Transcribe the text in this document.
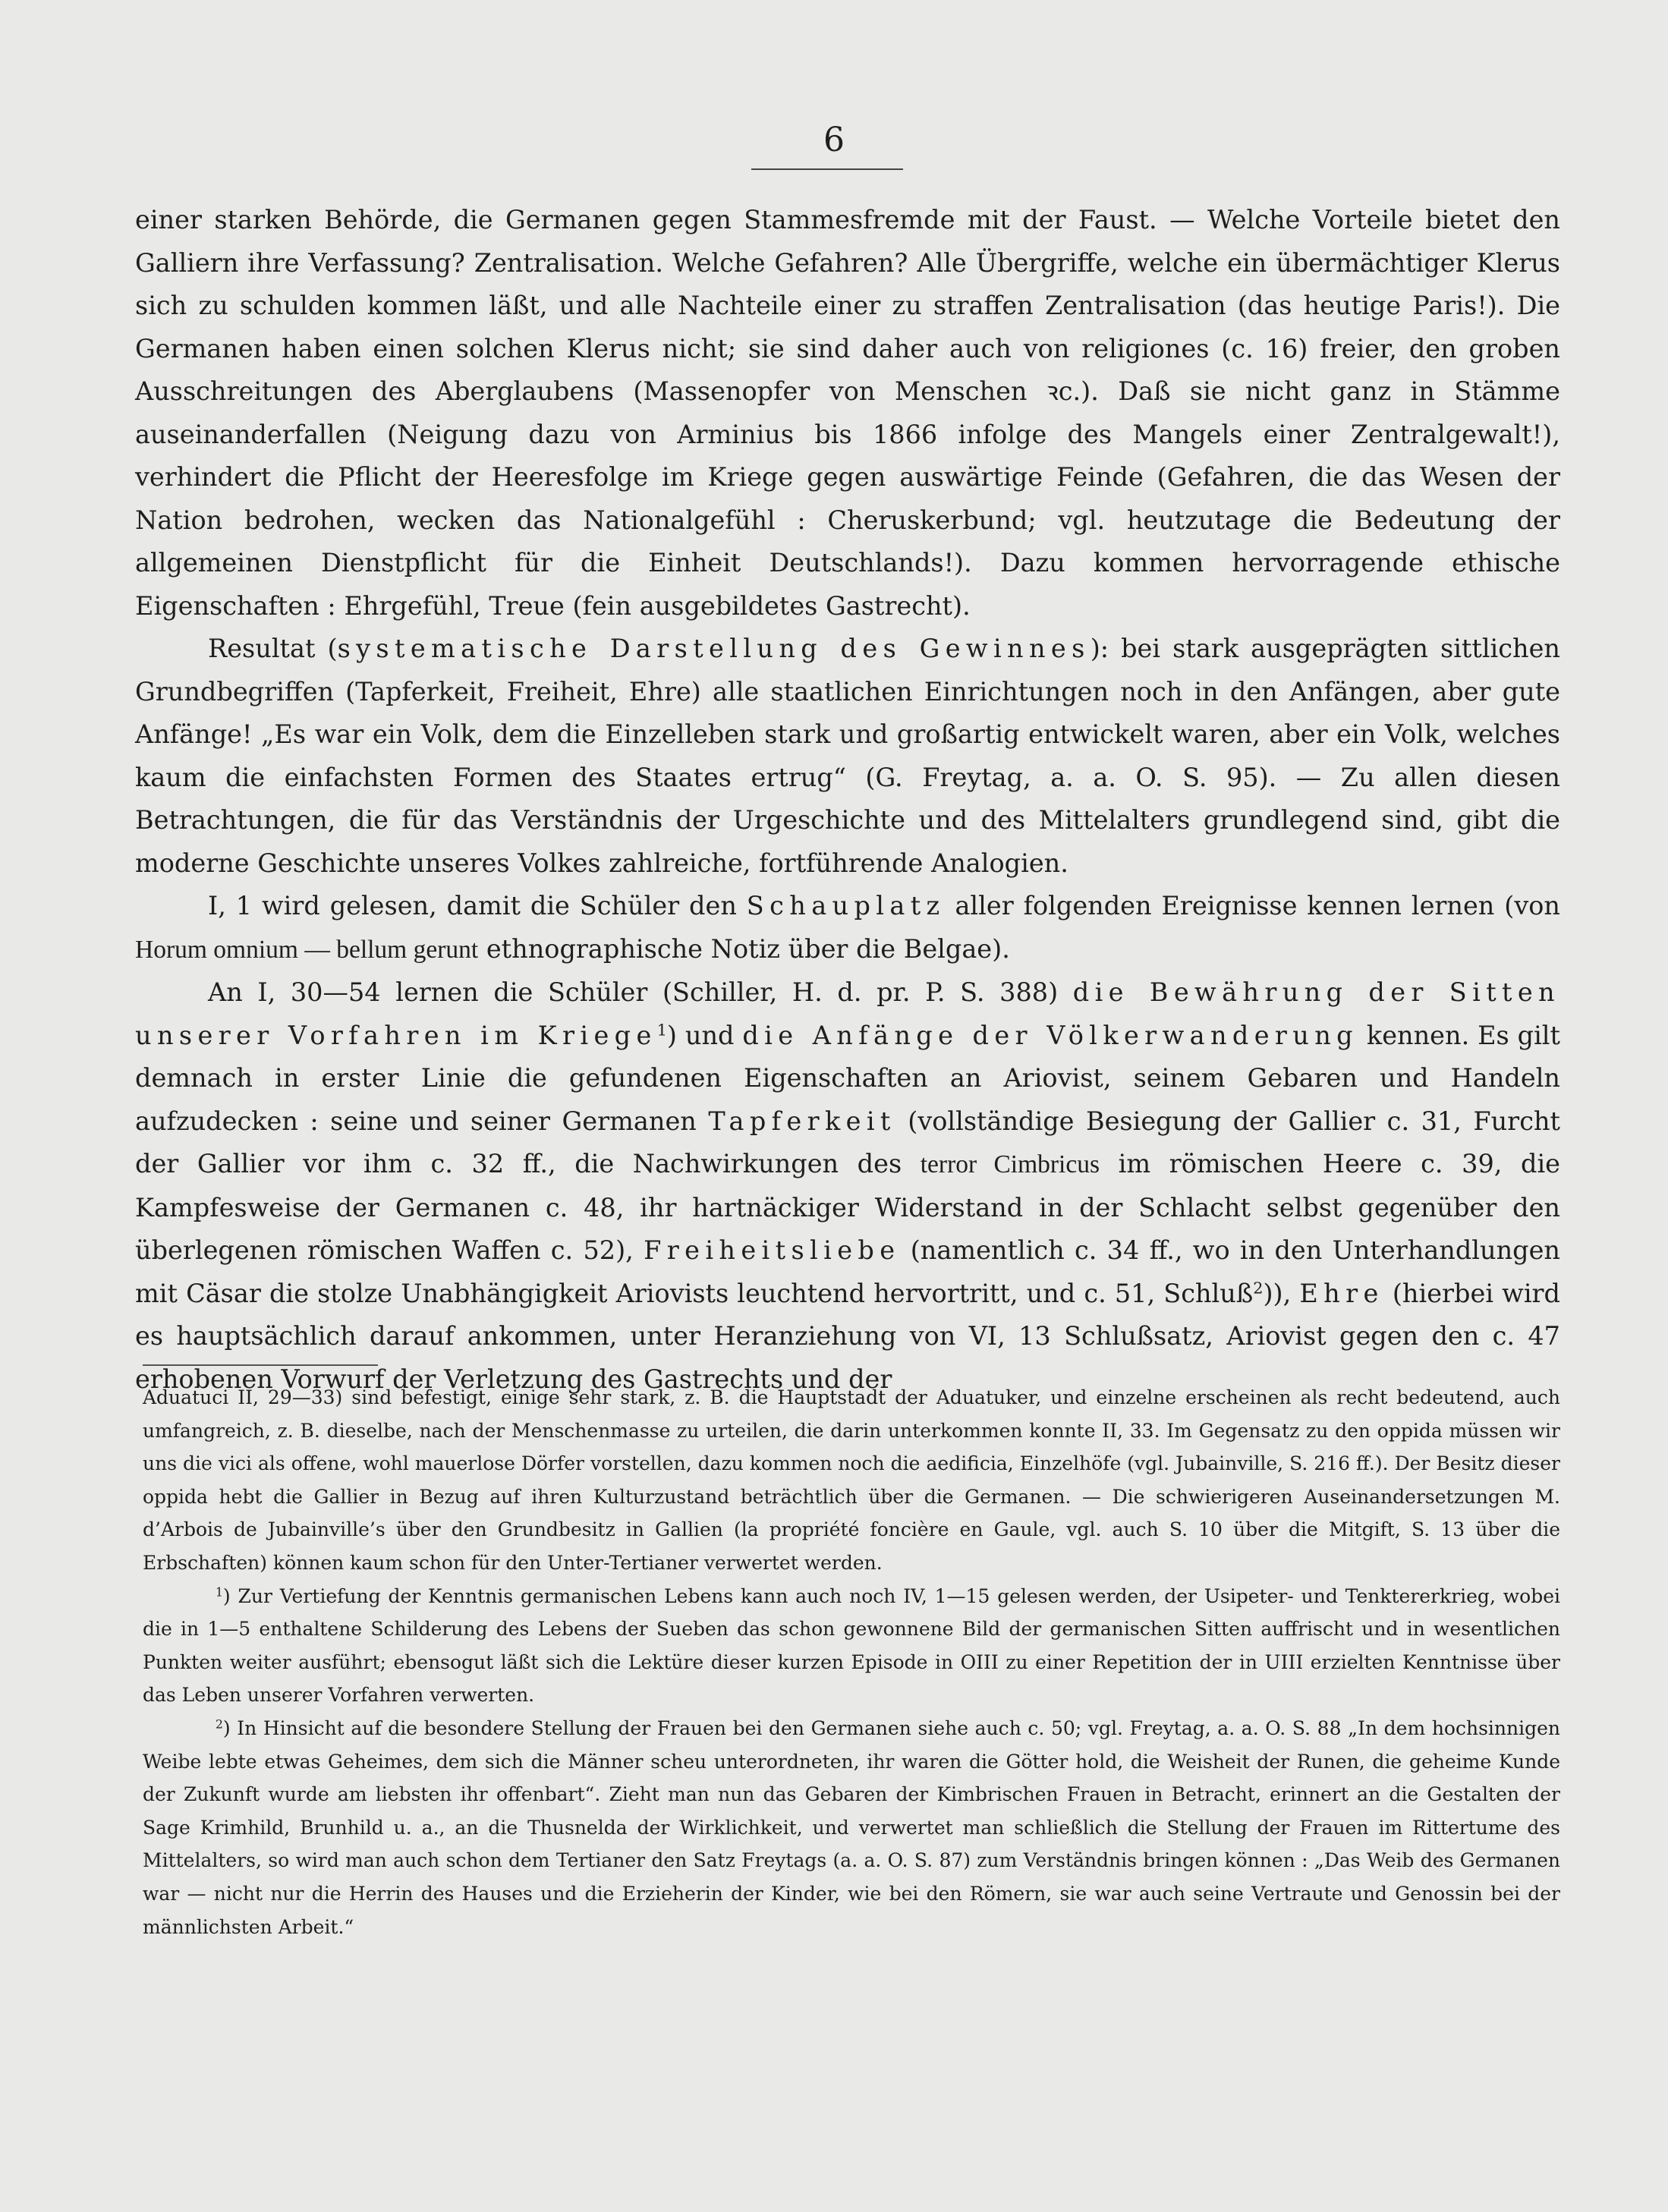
6

einer starken Behörde, die Germanen gegen Stammesfremde mit der Faust. — Welche Vorteile bietet den Galliern ihre Verfassung? Zentralisation. Welche Gefahren? Alle Übergriffe, welche ein übermächtiger Klerus sich zu schulden kommen läßt, und alle Nachteile einer zu straffen Zentralisation (das heutige Paris!). Die Germanen haben einen solchen Klerus nicht; sie sind daher auch von religiones (c. 16) freier, den groben Ausschreitungen des Aberglaubens (Massenopfer von Menschen ꝛc.). Daß sie nicht ganz in Stämme auseinanderfallen (Neigung dazu von Arminius bis 1866 infolge des Mangels einer Zentralgewalt!), verhindert die Pflicht der Heeresfolge im Kriege gegen auswärtige Feinde (Gefahren, die das Wesen der Nation bedrohen, wecken das Nationalgefühl : Cheruskerbund; vgl. heutzutage die Bedeutung der allgemeinen Dienstpflicht für die Einheit Deutschlands!). Dazu kommen hervorragende ethische Eigenschaften : Ehrgefühl, Treue (fein ausgebildetes Gastrecht).

Resultat (systematische Darstellung des Gewinnes): bei stark ausgeprägten sittlichen Grundbegriffen (Tapferkeit, Freiheit, Ehre) alle staatlichen Einrichtungen noch in den Anfängen, aber gute Anfänge! „Es war ein Volk, dem die Einzelleben stark und großartig entwickelt waren, aber ein Volk, welches kaum die einfachsten Formen des Staates ertrug“ (G. Freytag, a. a. O. S. 95). — Zu allen diesen Betrachtungen, die für das Verständnis der Urgeschichte und des Mittelalters grundlegend sind, gibt die moderne Geschichte unseres Volkes zahlreiche, fortführende Analogien.

I, 1 wird gelesen, damit die Schüler den Schauplatz aller folgenden Ereignisse kennen lernen (von Horum omnium — bellum gerunt ethnographische Notiz über die Belgae).

An I, 30—54 lernen die Schüler (Schiller, H. d. pr. P. S. 388) die Bewährung der Sitten unserer Vorfahren im Kriege$^1$) und die Anfänge der Völkerwanderung kennen. Es gilt demnach in erster Linie die gefundenen Eigenschaften an Ariovist, seinem Gebaren und Handeln aufzudecken : seine und seiner Germanen Tapferkeit (vollständige Besiegung der Gallier c. 31, Furcht der Gallier vor ihm c. 32 ff., die Nachwirkungen des terror Cimbricus im römischen Heere c. 39, die Kampfesweise der Germanen c. 48, ihr hartnäckiger Widerstand in der Schlacht selbst gegenüber den überlegenen römischen Waffen c. 52), Freiheitsliebe (namentlich c. 34 ff., wo in den Unterhandlungen mit Cäsar die stolze Unabhängigkeit Ariovists leuchtend hervortritt, und c. 51, Schluß$^2$)), Ehre (hierbei wird es hauptsächlich darauf ankommen, unter Heranziehung von VI, 13 Schlußsatz, Ariovist gegen den c. 47 erhobenen Vorwurf der Verletzung des Gastrechts und der

Aduatuci II, 29—33) sind befestigt, einige sehr stark, z. B. die Hauptstadt der Aduatuker, und einzelne erscheinen als recht bedeutend, auch umfangreich, z. B. dieselbe, nach der Menschenmasse zu urteilen, die darin unterkommen konnte II, 33. Im Gegensatz zu den oppida müssen wir uns die vici als offene, wohl mauerlose Dörfer vorstellen, dazu kommen noch die aedificia, Einzelhöfe (vgl. Jubainville, S. 216 ff.). Der Besitz dieser oppida hebt die Gallier in Bezug auf ihren Kulturzustand beträchtlich über die Germanen. — Die schwierigeren Auseinandersetzungen M. d’Arbois de Jubainville’s über den Grundbesitz in Gallien (la propriété foncière en Gaule, vgl. auch S. 10 über die Mitgift, S. 13 über die Erbschaften) können kaum schon für den Unter-Tertianer verwertet werden.

$^1$) Zur Vertiefung der Kenntnis germanischen Lebens kann auch noch IV, 1—15 gelesen werden, der Usipeter- und Tenktererkrieg, wobei die in 1—5 enthaltene Schilderung des Lebens der Sueben das schon gewonnene Bild der germanischen Sitten auffrischt und in wesentlichen Punkten weiter ausführt; ebensogut läßt sich die Lektüre dieser kurzen Episode in OIII zu einer Repetition der in UIII erzielten Kenntnisse über das Leben unserer Vorfahren verwerten.

$^2$) In Hinsicht auf die besondere Stellung der Frauen bei den Germanen siehe auch c. 50; vgl. Freytag, a. a. O. S. 88 „In dem hochsinnigen Weibe lebte etwas Geheimes, dem sich die Männer scheu unterordneten, ihr waren die Götter hold, die Weisheit der Runen, die geheime Kunde der Zukunft wurde am liebsten ihr offenbart“. Zieht man nun das Gebaren der Kimbrischen Frauen in Betracht, erinnert an die Gestalten der Sage Krimhild, Brunhild u. a., an die Thusnelda der Wirklichkeit, und verwertet man schließlich die Stellung der Frauen im Rittertume des Mittelalters, so wird man auch schon dem Tertianer den Satz Freytags (a. a. O. S. 87) zum Verständnis bringen können : „Das Weib des Germanen war — nicht nur die Herrin des Hauses und die Erzieherin der Kinder, wie bei den Römern, sie war auch seine Vertraute und Genossin bei der männlichsten Arbeit.“
